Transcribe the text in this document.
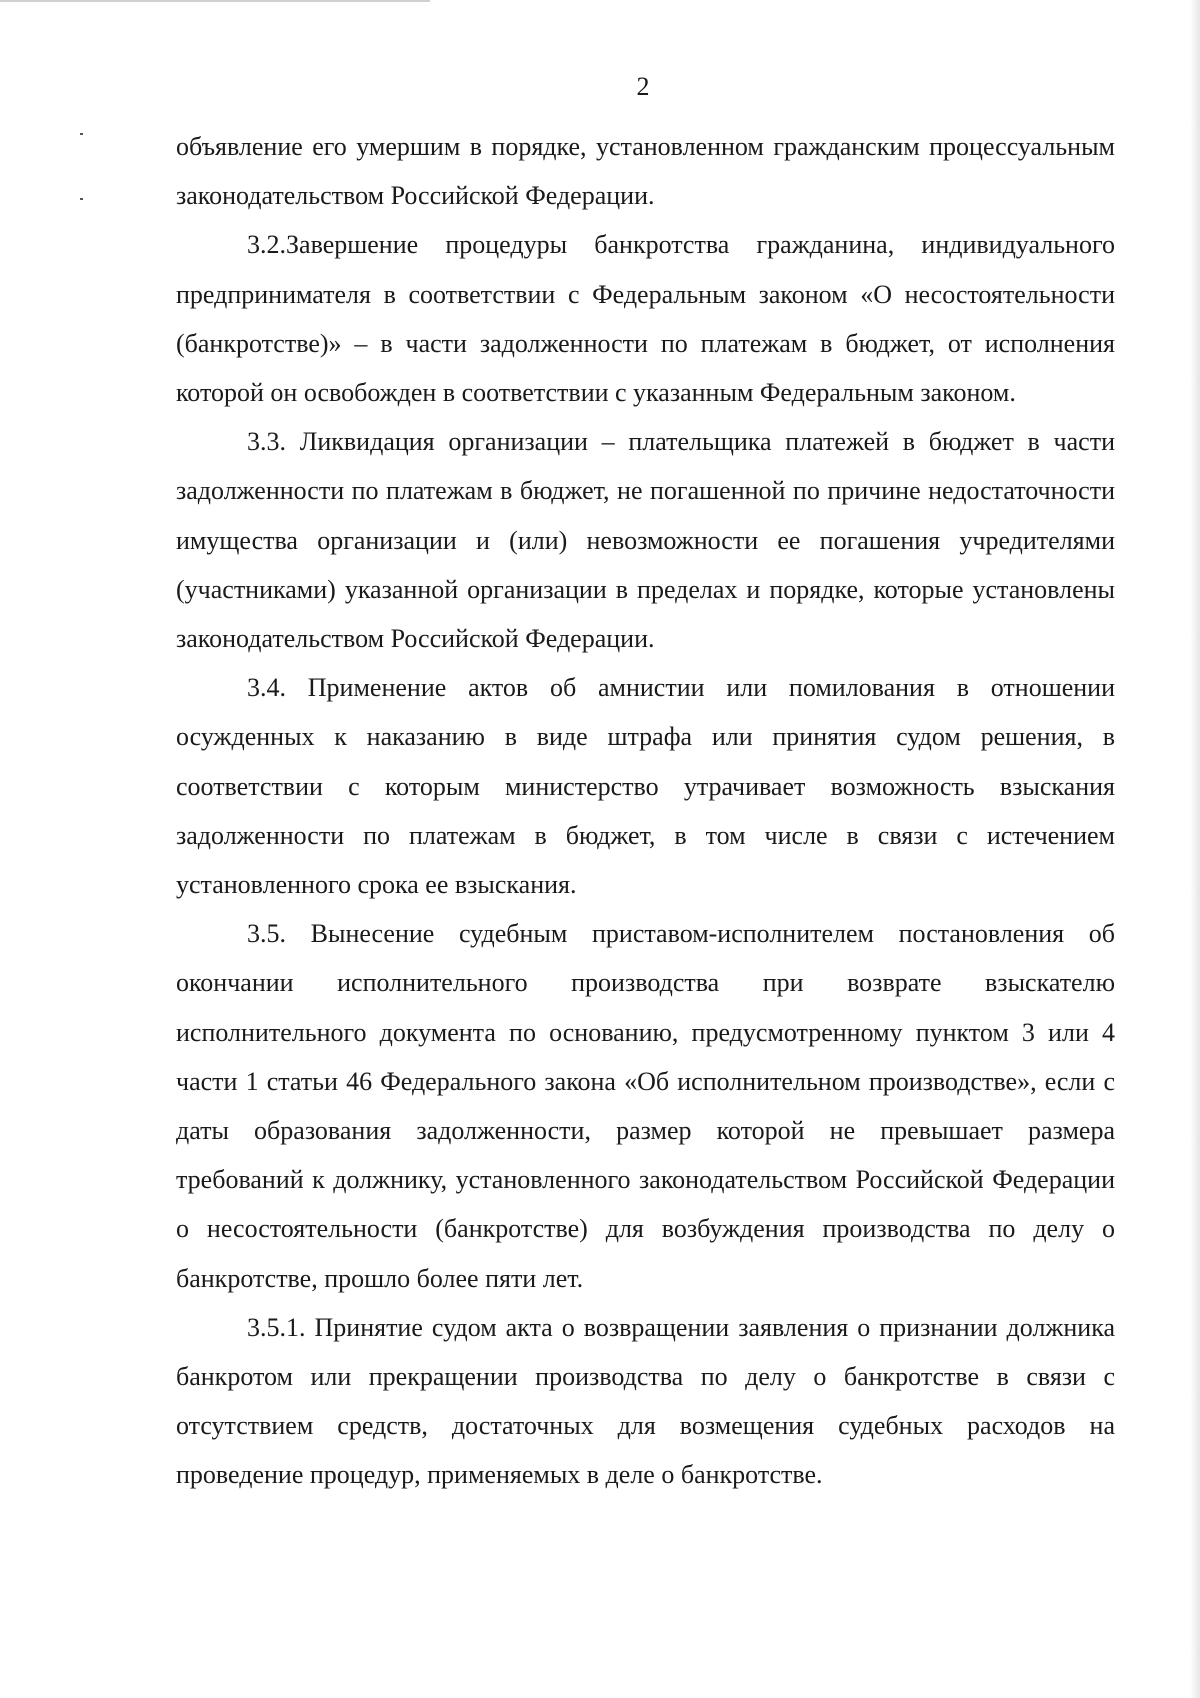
2

объявление его умершим в порядке, установленном гражданским процессуальным законодательством Российской Федерации.

3.2.Завершение процедуры банкротства гражданина, индивидуального предпринимателя в соответствии с Федеральным законом «О несостоятельности (банкротстве)» – в части задолженности по платежам в бюджет, от исполнения которой он освобожден в соответствии с указанным Федеральным законом.

3.3. Ликвидация организации – плательщика платежей в бюджет в части задолженности по платежам в бюджет, не погашенной по причине недостаточности имущества организации и (или) невозможности ее погашения учредителями (участниками) указанной организации в пределах и порядке, которые установлены законодательством Российской Федерации.

3.4. Применение актов об амнистии или помилования в отношении осужденных к наказанию в виде штрафа или принятия судом решения, в соответствии с которым министерство утрачивает возможность взыскания задолженности по платежам в бюджет, в том числе в связи с истечением установленного срока ее взыскания.

3.5. Вынесение судебным приставом-исполнителем постановления об окончании исполнительного производства при возврате взыскателю исполнительного документа по основанию, предусмотренному пунктом 3 или 4 части 1 статьи 46 Федерального закона «Об исполнительном производстве», если с даты образования задолженности, размер которой не превышает размера требований к должнику, установленного законодательством Российской Федерации о несостоятельности (банкротстве) для возбуждения производства по делу о банкротстве, прошло более пяти лет.

3.5.1. Принятие судом акта о возвращении заявления о признании должника банкротом или прекращении производства по делу о банкротстве в связи с отсутствием средств, достаточных для возмещения судебных расходов на проведение процедур, применяемых в деле о банкротстве.
